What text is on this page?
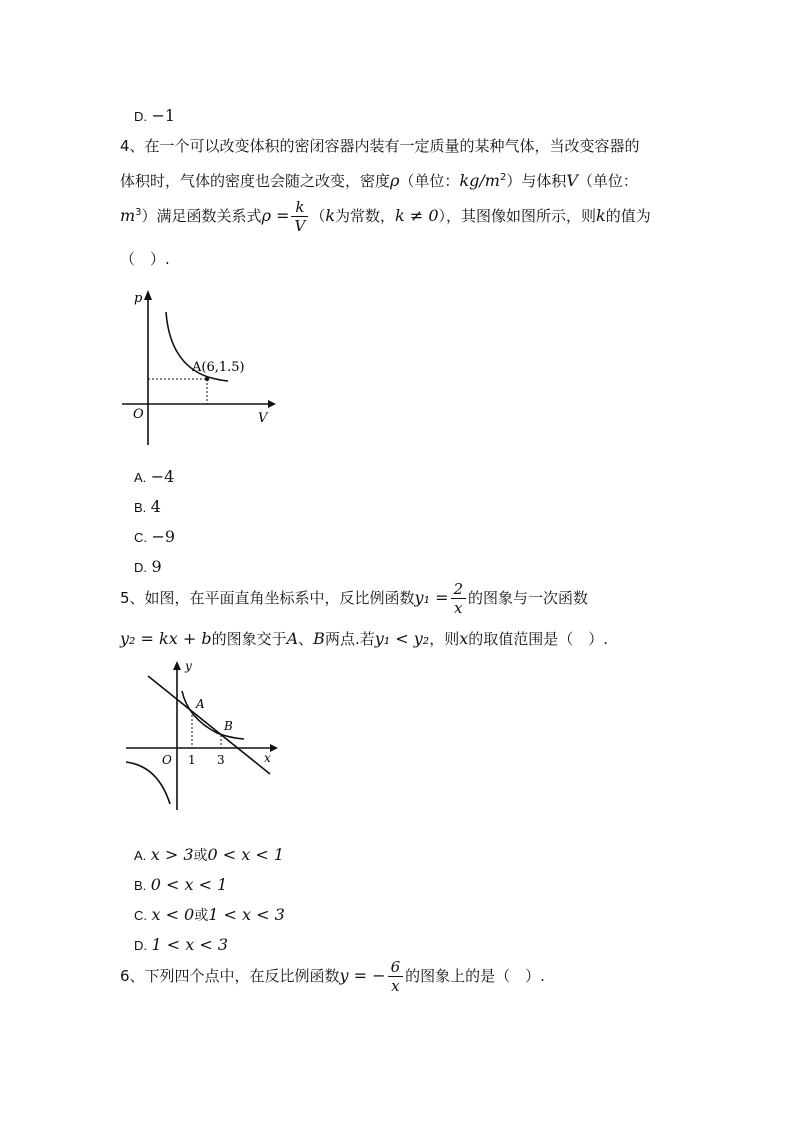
D. −1
4、在一个可以改变体积的密闭容器内装有一定质量的某种气体，当改变容器的
体积时，气体的密度也会随之改变，密度ρ（单位：$kg/m^2$）与体积V（单位：
$m^3$）满足函数关系式$\rho = \frac{k}{V} (k$为常数，k ≠ 0），其图像如图所示，则k的值为
（　）.
p
V
O
A(6,1.5)
A. −4
B. 4
C. −9
D. 9
5、如图，在平面直角坐标系中，反比例函数$y_1 = \frac{2}{x}$ 的图象与一次函数
y₂ = kx + b的图象交于A、B两点.若y₁ < y₂，则x的取值范围是（　）.
y
x
O 1 3
A
B
A. x > 3或0 < x < 1
B. 0 < x < 1
C. x < 0或1 < x < 3
D. 1 < x < 3
6、下列四个点中，在反比例函数y = − $\frac{6}{x}$ 的图象上的是（　）.
